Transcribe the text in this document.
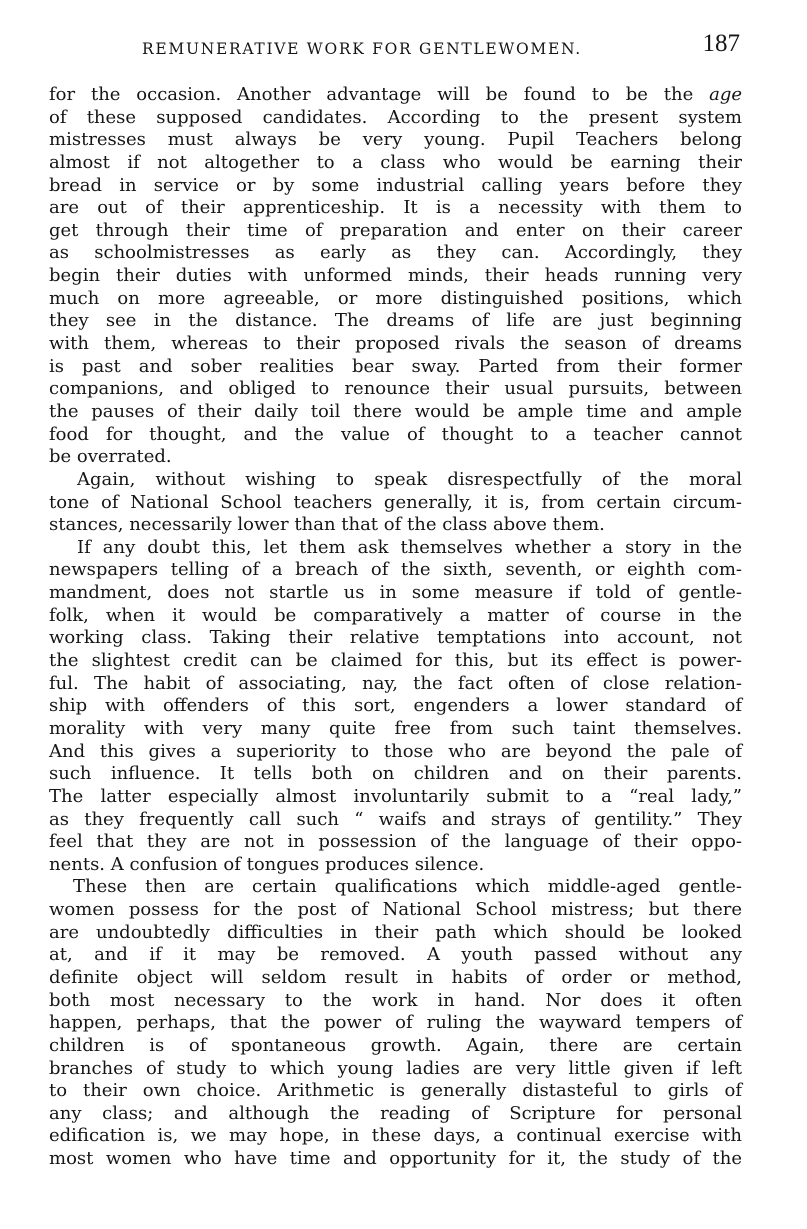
REMUNERATIVE WORK FOR GENTLEWOMEN.	187
for the occasion. Another advantage will be found to be the age
of these supposed candidates. According to the present system
mistresses must always be very young. Pupil Teachers belong
almost if not altogether to a class who would be earning their
bread in service or by some industrial calling years before they
are out of their apprenticeship. It is a necessity with them to
get through their time of preparation and enter on their career
as schoolmistresses as early as they can. Accordingly, they
begin their duties with unformed minds, their heads running very
much on more agreeable, or more distinguished positions, which
they see in the distance. The dreams of life are just beginning
with them, whereas to their proposed rivals the season of dreams
is past and sober realities bear sway. Parted from their former
companions, and obliged to renounce their usual pursuits, between
the pauses of their daily toil there would be ample time and ample
food for thought, and the value of thought to a teacher cannot
be overrated.
Again, without wishing to speak disrespectfully of the moral
tone of National School teachers generally, it is, from certain circum-
stances, necessarily lower than that of the class above them.
If any doubt this, let them ask themselves whether a story in the
newspapers telling of a breach of the sixth, seventh, or eighth com-
mandment, does not startle us in some measure if told of gentle-
folk, when it would be comparatively a matter of course in the
working class. Taking their relative temptations into account, not
the slightest credit can be claimed for this, but its effect is power-
ful. The habit of associating, nay, the fact often of close relation-
ship with offenders of this sort, engenders a lower standard of
morality with very many quite free from such taint themselves.
And this gives a superiority to those who are beyond the pale of
such influence. It tells both on children and on their parents.
The latter especially almost involuntarily submit to a “real lady,”
as they frequently call such “ waifs and strays of gentility.” They
feel that they are not in possession of the language of their oppo-
nents. A confusion of tongues produces silence.
These then are certain qualifications which middle-aged gentle-
women possess for the post of National School mistress; but there
are undoubtedly difficulties in their path which should be looked
at, and if it may be removed. A youth passed without any
definite object will seldom result in habits of order or method,
both most necessary to the work in hand. Nor does it often
happen, perhaps, that the power of ruling the wayward tempers of
children is of spontaneous growth. Again, there are certain
branches of study to which young ladies are very little given if left
to their own choice. Arithmetic is generally distasteful to girls of
any class; and although the reading of Scripture for personal
edification is, we may hope, in these days, a continual exercise with
most women who have time and opportunity for it, the study of the
